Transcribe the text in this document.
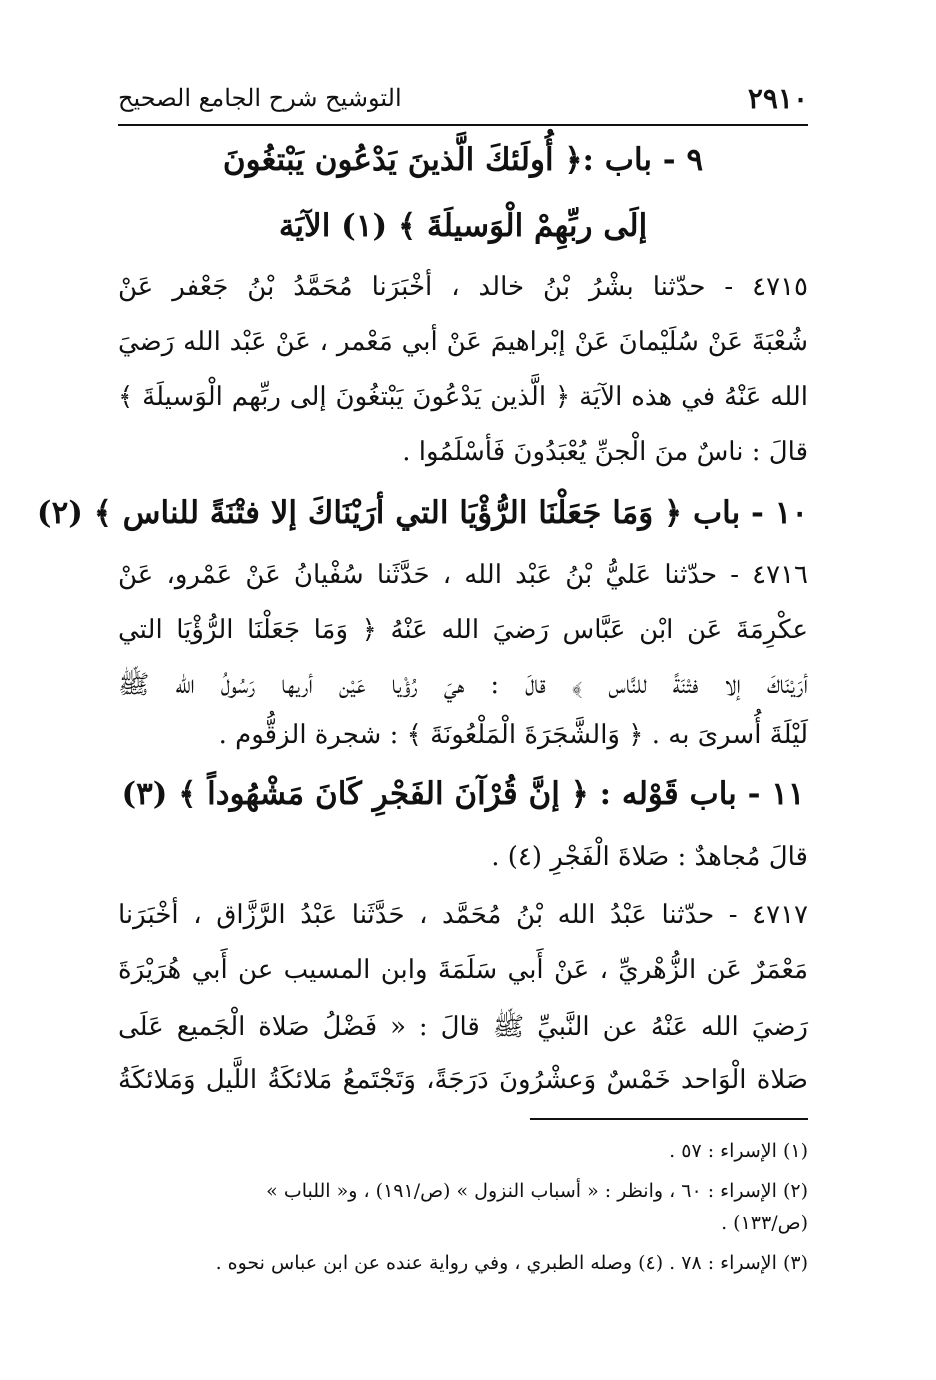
٢٩١٠
التوشيح شرح الجامع الصحيح
٩ - باب :﴿ أُولَئكَ الَّذينَ يَدْعُون يَبْتغُونَ
إلَى ربِّهِمْ الْوَسيلَةَ ﴾ (١) الآيَة
٤٧١٥ - حدّثنا بشْرُ بْنُ خالد ، أخْبَرَنا مُحَمَّدُ بْنُ جَعْفر عَنْ
شُعْبَةَ عَنْ سُلَيْمانَ عَنْ إبْراهيمَ عَنْ أبي مَعْمر ، عَنْ عَبْد الله رَضيَ
الله عَنْهُ في هذه الآيَة ﴿ الَّذين يَدْعُونَ يَبْتغُونَ إلى ربِّهم الْوَسيلَةَ ﴾
قالَ : ناسٌ منَ الْجنِّ يُعْبَدُونَ فَأسْلَمُوا .
١٠ - باب ﴿ وَمَا جَعَلْنَا الرُّؤْيَا التي أرَيْنَاكَ إلا فتْنَةً للناس ﴾ (٢)
٤٧١٦ - حدّثنا عَليُّ بْنُ عَبْد الله ، حَدَّثَنا سُفْيانُ عَنْ عَمْرو، عَنْ
عكْرِمَةَ عَن ابْن عَبَّاس رَضيَ الله عَنْهُ ﴿ وَمَا جَعَلْنَا الرُّؤْيَا التي
أرَيْنَاكَ إلا فتْنَةً للنَّاس ﴾ قالَ : هيَ رُؤْيا عَيْن أريها رَسُولُ الله ﷺ
لَيْلَةَ أُسرىَ به . ﴿ وَالشَّجَرَةَ الْمَلْعُونَةَ ﴾ : شجرة الزقُّوم .
١١ - باب قَوْله : ﴿ إنَّ قُرْآنَ الفَجْرِ كَانَ مَشْهُوداً ﴾ (٣)
قالَ مُجاهدٌ : صَلاةَ الْفَجْرِ (٤) .
٤٧١٧ - حدّثنا عَبْدُ الله بْنُ مُحَمَّد ، حَدَّثَنا عَبْدُ الرَّزَّاق ، أخْبَرَنا
مَعْمَرٌ عَن الزُّهْريِّ ، عَنْ أَبي سَلَمَةَ وابن المسيب عن أَبي هُرَيْرَةَ
رَضيَ الله عَنْهُ عن النَّبيِّ ﷺ قالَ : « فَضْلُ صَلاة الْجَميع عَلَى
صَلاة الْوَاحد خَمْسٌ وَعشْرُونَ دَرَجَةً، وَتَجْتَمعُ مَلائكَةُ اللَّيل وَمَلائكَةُ
(١) الإسراء : ٥٧ .
(٢) الإسراء : ٦٠ ، وانظر : « أسباب النزول » (ص/١٩١) ، و« اللباب »
(ص/١٣٣) .
(٣) الإسراء : ٧٨ . (٤) وصله الطبري ، وفي رواية عنده عن ابن عباس نحوه .
